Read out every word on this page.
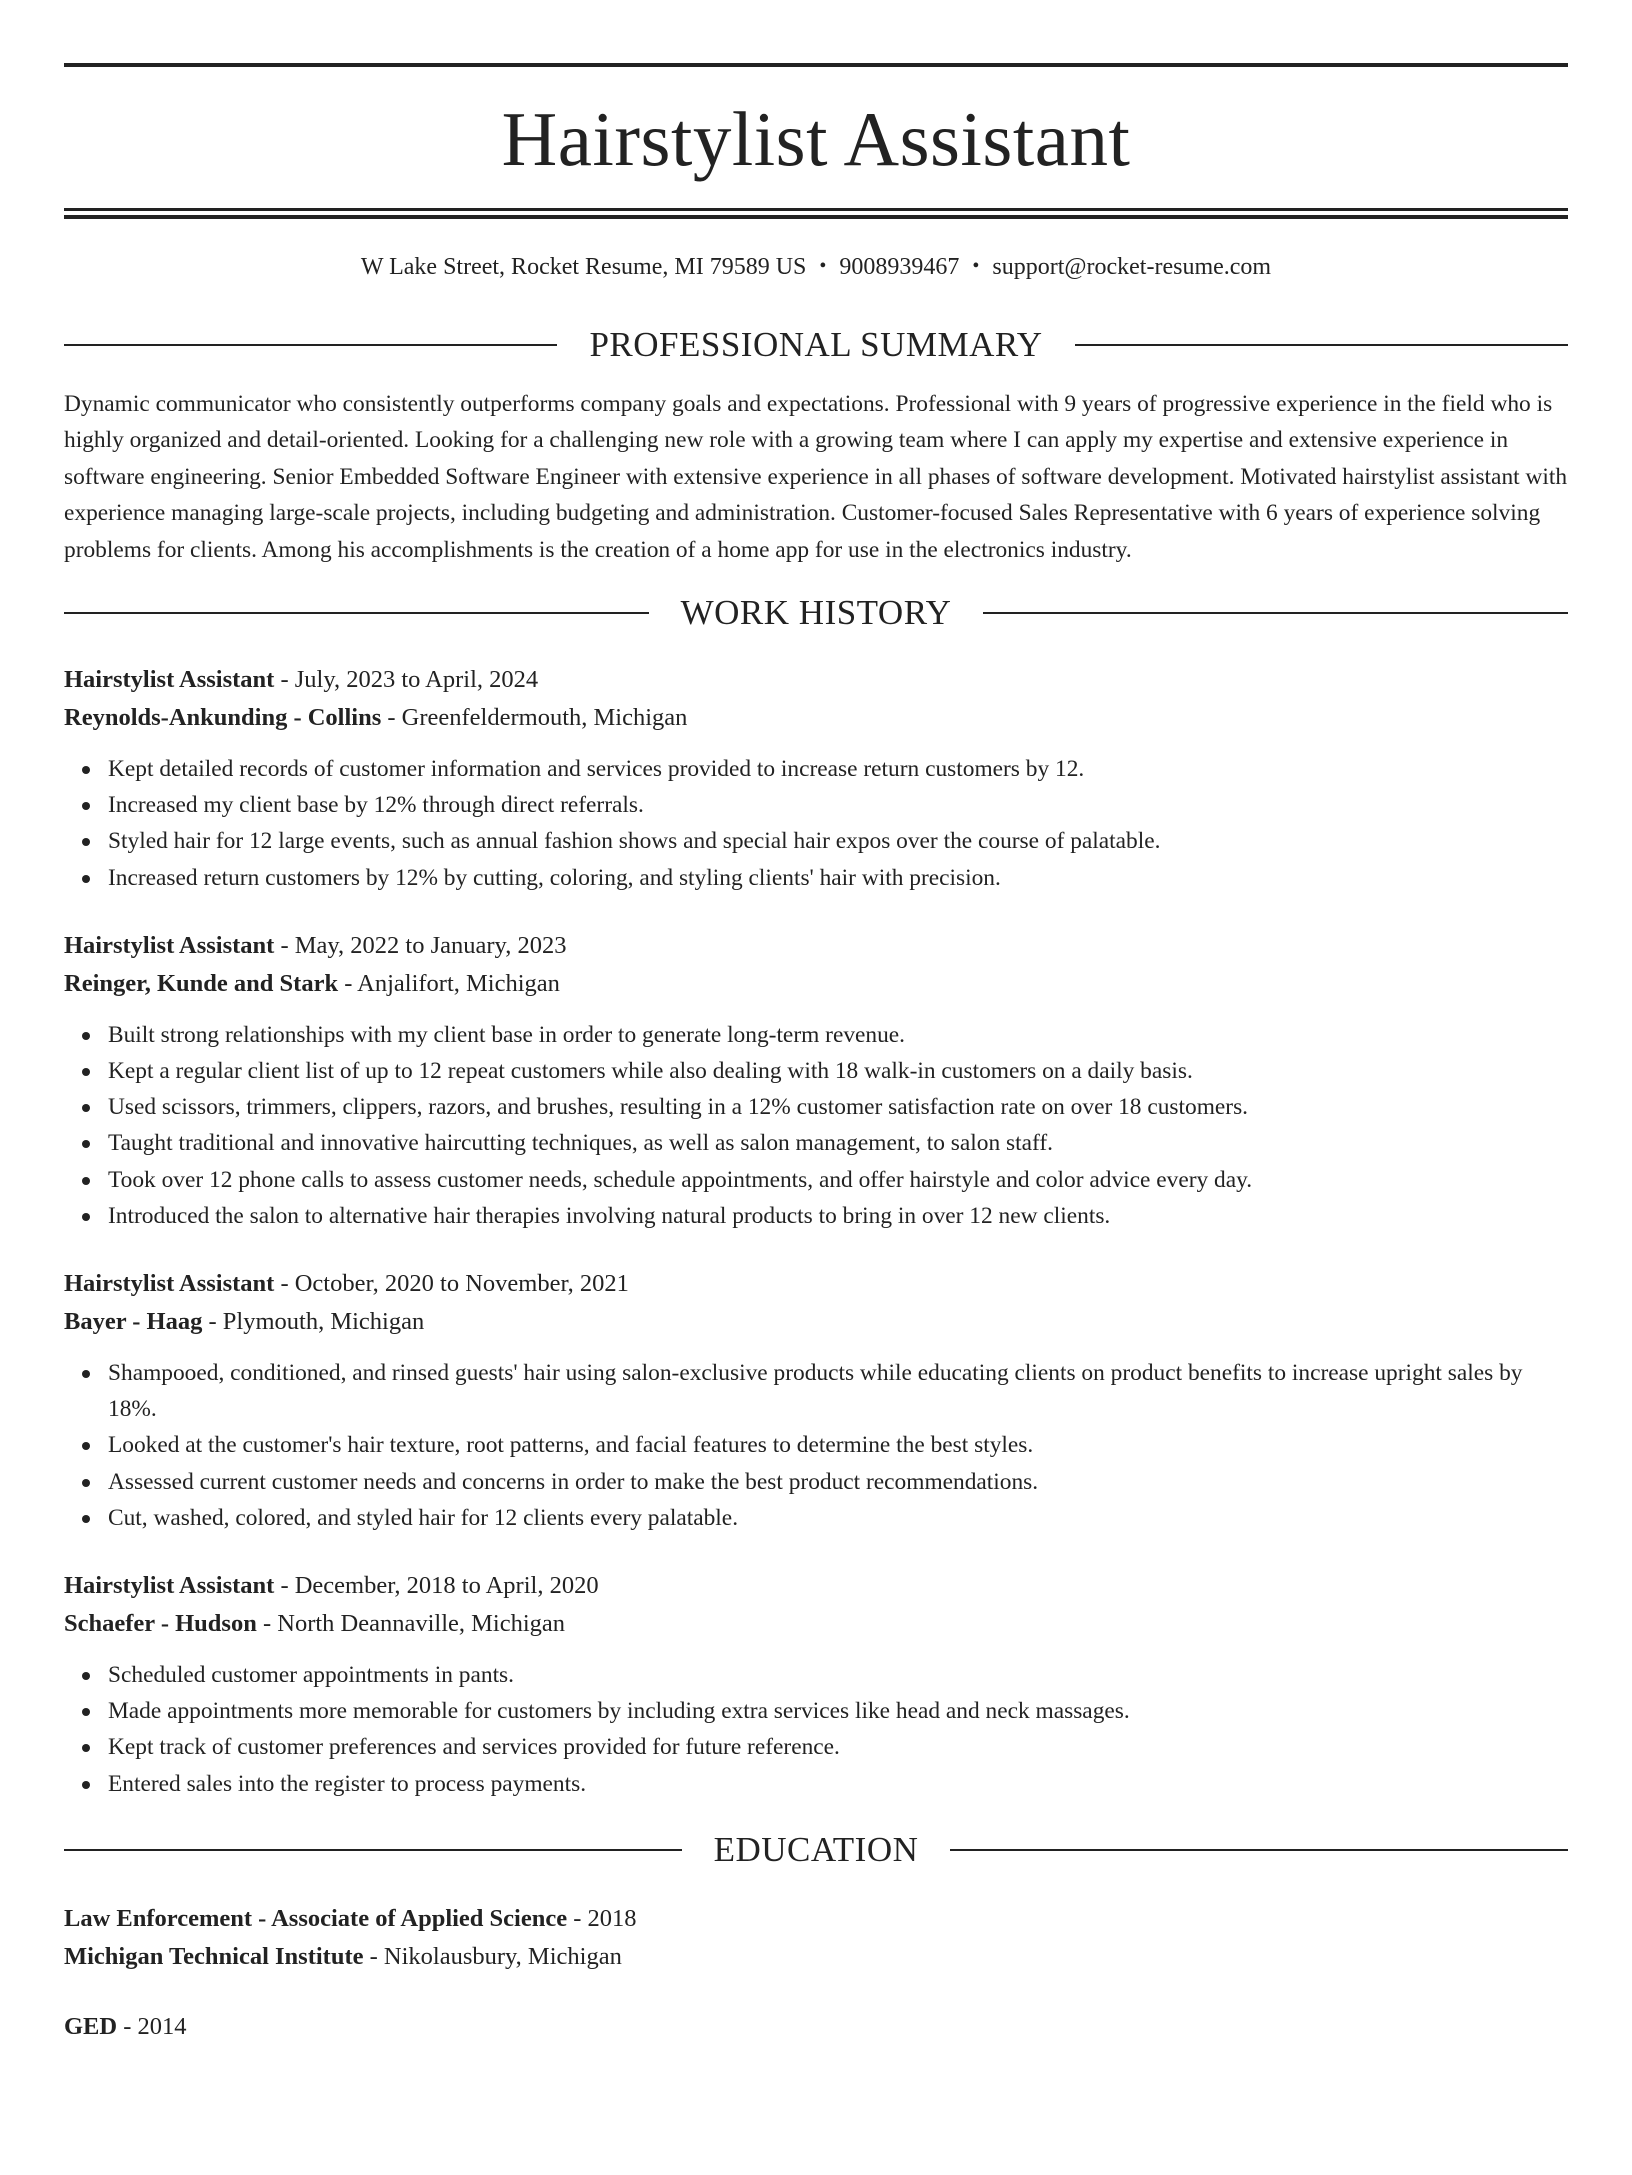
Hairstylist Assistant
W Lake Street, Rocket Resume, MI 79589 US • 9008939467 • support@rocket-resume.com
PROFESSIONAL SUMMARY
Dynamic communicator who consistently outperforms company goals and expectations. Professional with 9 years of progressive experience in the field who is highly organized and detail-oriented. Looking for a challenging new role with a growing team where I can apply my expertise and extensive experience in software engineering. Senior Embedded Software Engineer with extensive experience in all phases of software development. Motivated hairstylist assistant with experience managing large-scale projects, including budgeting and administration. Customer-focused Sales Representative with 6 years of experience solving problems for clients. Among his accomplishments is the creation of a home app for use in the electronics industry.
WORK HISTORY
Hairstylist Assistant - July, 2023 to April, 2024
Reynolds-Ankunding - Collins - Greenfeldermouth, Michigan
Kept detailed records of customer information and services provided to increase return customers by 12.
Increased my client base by 12% through direct referrals.
Styled hair for 12 large events, such as annual fashion shows and special hair expos over the course of palatable.
Increased return customers by 12% by cutting, coloring, and styling clients' hair with precision.
Hairstylist Assistant - May, 2022 to January, 2023
Reinger, Kunde and Stark - Anjalifort, Michigan
Built strong relationships with my client base in order to generate long-term revenue.
Kept a regular client list of up to 12 repeat customers while also dealing with 18 walk-in customers on a daily basis.
Used scissors, trimmers, clippers, razors, and brushes, resulting in a 12% customer satisfaction rate on over 18 customers.
Taught traditional and innovative haircutting techniques, as well as salon management, to salon staff.
Took over 12 phone calls to assess customer needs, schedule appointments, and offer hairstyle and color advice every day.
Introduced the salon to alternative hair therapies involving natural products to bring in over 12 new clients.
Hairstylist Assistant - October, 2020 to November, 2021
Bayer - Haag - Plymouth, Michigan
Shampooed, conditioned, and rinsed guests' hair using salon-exclusive products while educating clients on product benefits to increase upright sales by 18%.
Looked at the customer's hair texture, root patterns, and facial features to determine the best styles.
Assessed current customer needs and concerns in order to make the best product recommendations.
Cut, washed, colored, and styled hair for 12 clients every palatable.
Hairstylist Assistant - December, 2018 to April, 2020
Schaefer - Hudson - North Deannaville, Michigan
Scheduled customer appointments in pants.
Made appointments more memorable for customers by including extra services like head and neck massages.
Kept track of customer preferences and services provided for future reference.
Entered sales into the register to process payments.
EDUCATION
Law Enforcement - Associate of Applied Science - 2018
Michigan Technical Institute - Nikolausbury, Michigan
GED - 2014
